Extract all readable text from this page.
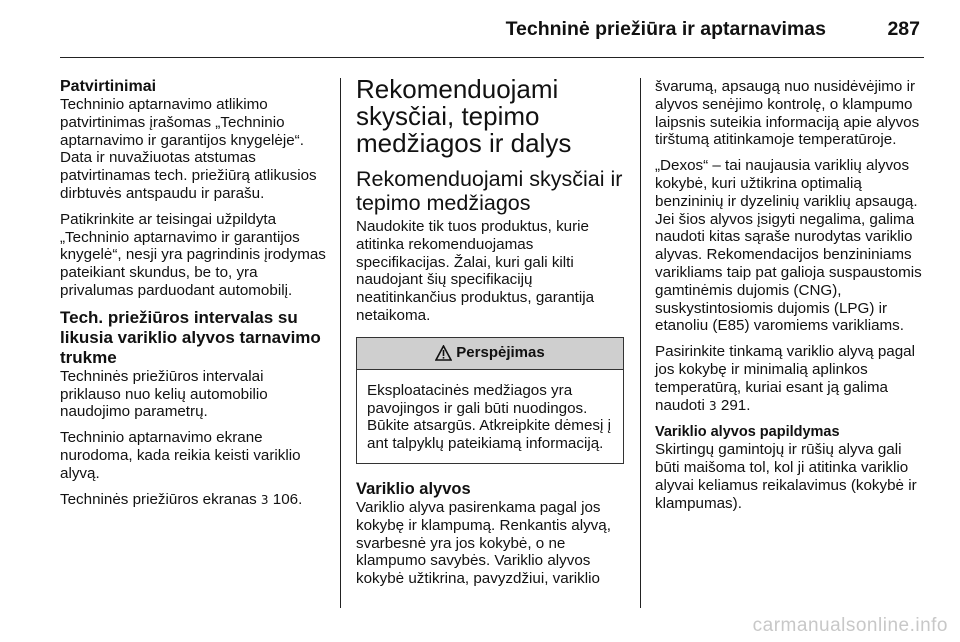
Techninė priežiūra ir aptarnavimas	287
Patvirtinimai

Techninio aptarnavimo atlikimo patvirtinimas įrašomas „Techninio aptarnavimo ir garantijos knygelėje“. Data ir nuvažiuotas atstumas patvirtinamas tech. priežiūrą atlikusios dirbtuvės antspaudu ir parašu.

Patikrinkite ar teisingai užpildyta „Techninio aptarnavimo ir garantijos knygelė“, nesji yra pagrindinis įrodymas pateikiant skundus, be to, yra privalumas parduodant automobilį.

Tech. priežiūros intervalas su likusia variklio alyvos tarnavimo trukme

Techninės priežiūros intervalai priklauso nuo kelių automobilio naudojimo parametrų.

Techninio aptarnavimo ekrane nurodoma, kada reikia keisti variklio alyvą.

Techninės priežiūros ekranas 3 106.

Rekomenduojami skysčiai, tepimo medžiagos ir dalys
Rekomenduojami skysčiai ir tepimo medžiagos

Naudokite tik tuos produktus, kurie atitinka rekomenduojamas specifikacijas. Žalai, kuri gali kilti naudojant šių specifikacijų neatitinkančius produktus, garantija netaikoma.

Perspėjimas

Eksploatacinės medžiagos yra pavojingos ir gali būti nuodingos. Būkite atsargūs. Atkreipkite dėmesį į ant talpyklų pateikiamą informaciją.

Variklio alyvos

Variklio alyva pasirenkama pagal jos kokybę ir klampumą. Renkantis alyvą, svarbesnė yra jos kokybė, o ne klampumo savybės. Variklio alyvos kokybė užtikrina, pavyzdžiui, variklio

švarumą, apsaugą nuo nusidėvėjimo ir alyvos senėjimo kontrolę, o klampumo laipsnis suteikia informaciją apie alyvos tirštumą atitinkamoje temperatūroje.

„Dexos“ – tai naujausia variklių alyvos kokybė, kuri užtikrina optimalią benzininių ir dyzelinių variklių apsaugą. Jei šios alyvos įsigyti negalima, galima naudoti kitas sąraše nurodytas variklio alyvas. Rekomendacijos benzininiams varikliams taip pat galioja suspaustomis gamtinėmis dujomis (CNG), suskystintosiomis dujomis (LPG) ir etanoliu (E85) varomiems varikliams.

Pasirinkite tinkamą variklio alyvą pagal jos kokybę ir minimalią aplinkos temperatūrą, kuriai esant ją galima naudoti 3 291.

Variklio alyvos papildymas

Skirtingų gamintojų ir rūšių alyva gali būti maišoma tol, kol ji atitinka variklio alyvai keliamus reikalavimus (kokybė ir klampumas).

carmanualsonline.info
